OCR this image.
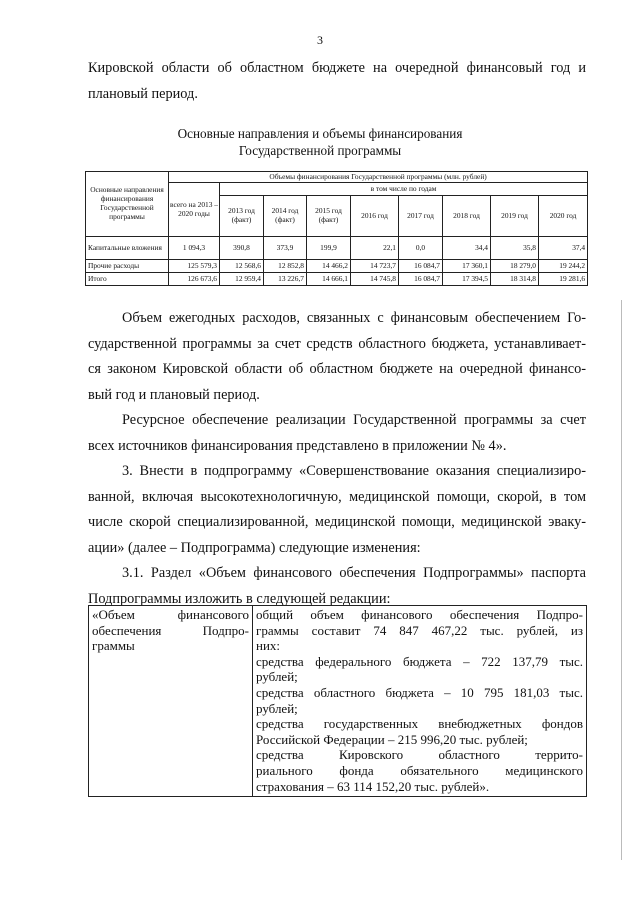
3
Кировской области об областном бюджете на очередной финансовый год и
плановый период.
Основные направления и объемы финансирования
Государственной программы
Основные направления финансирования Государственной программы	Объемы финансирования Государственной программы (млн. рублей)								
	всего на 2013 – 2020 годы	в том числе по годам							
		2013 год (факт)	2014 год (факт)	2015 год (факт)	2016 год	2017 год	2018 год	2019 год	2020 год
Капитальные вложения	1 094,3	390,8	373,9	199,9	22,1	0,0	34,4	35,8	37,4
Прочие расходы	125 579,3	12 568,6	12 852,8	14 466,2	14 723,7	16 084,7	17 360,1	18 279,0	19 244,2
Итого	126 673,6	12 959,4	13 226,7	14 666,1	14 745,8	16 084,7	17 394,5	18 314,8	19 281,6
Объем ежегодных расходов, связанных с финансовым обеспечением Го-
сударственной программы за счет средств областного бюджета, устанавливает-
ся законом Кировской области об областном бюджете на очередной финансо-
вый год и плановый период.
Ресурсное обеспечение реализации Государственной программы за счет
всех источников финансирования представлено в приложении № 4».
3. Внести в подпрограмму «Совершенствование оказания специализиро-
ванной, включая высокотехнологичную, медицинской помощи, скорой, в том
числе скорой специализированной, медицинской помощи, медицинской эваку-
ации» (далее – Подпрограмма) следующие изменения:
3.1. Раздел «Объем финансового обеспечения Подпрограммы» паспорта
Подпрограммы изложить в следующей редакции:
«Объем финансового
обеспечения Подпро-
граммы

общий объем финансового обеспечения Подпро-
граммы составит 74 847 467,22 тыс. рублей, из
них:
средства федерального бюджета – 722 137,79 тыс.
рублей;
средства областного бюджета – 10 795 181,03 тыс.
рублей;
средства государственных внебюджетных фондов
Российской Федерации – 215 996,20 тыс. рублей;
средства Кировского областного террито-
риального фонда обязательного медицинского
страхования – 63 114 152,20 тыс. рублей».
